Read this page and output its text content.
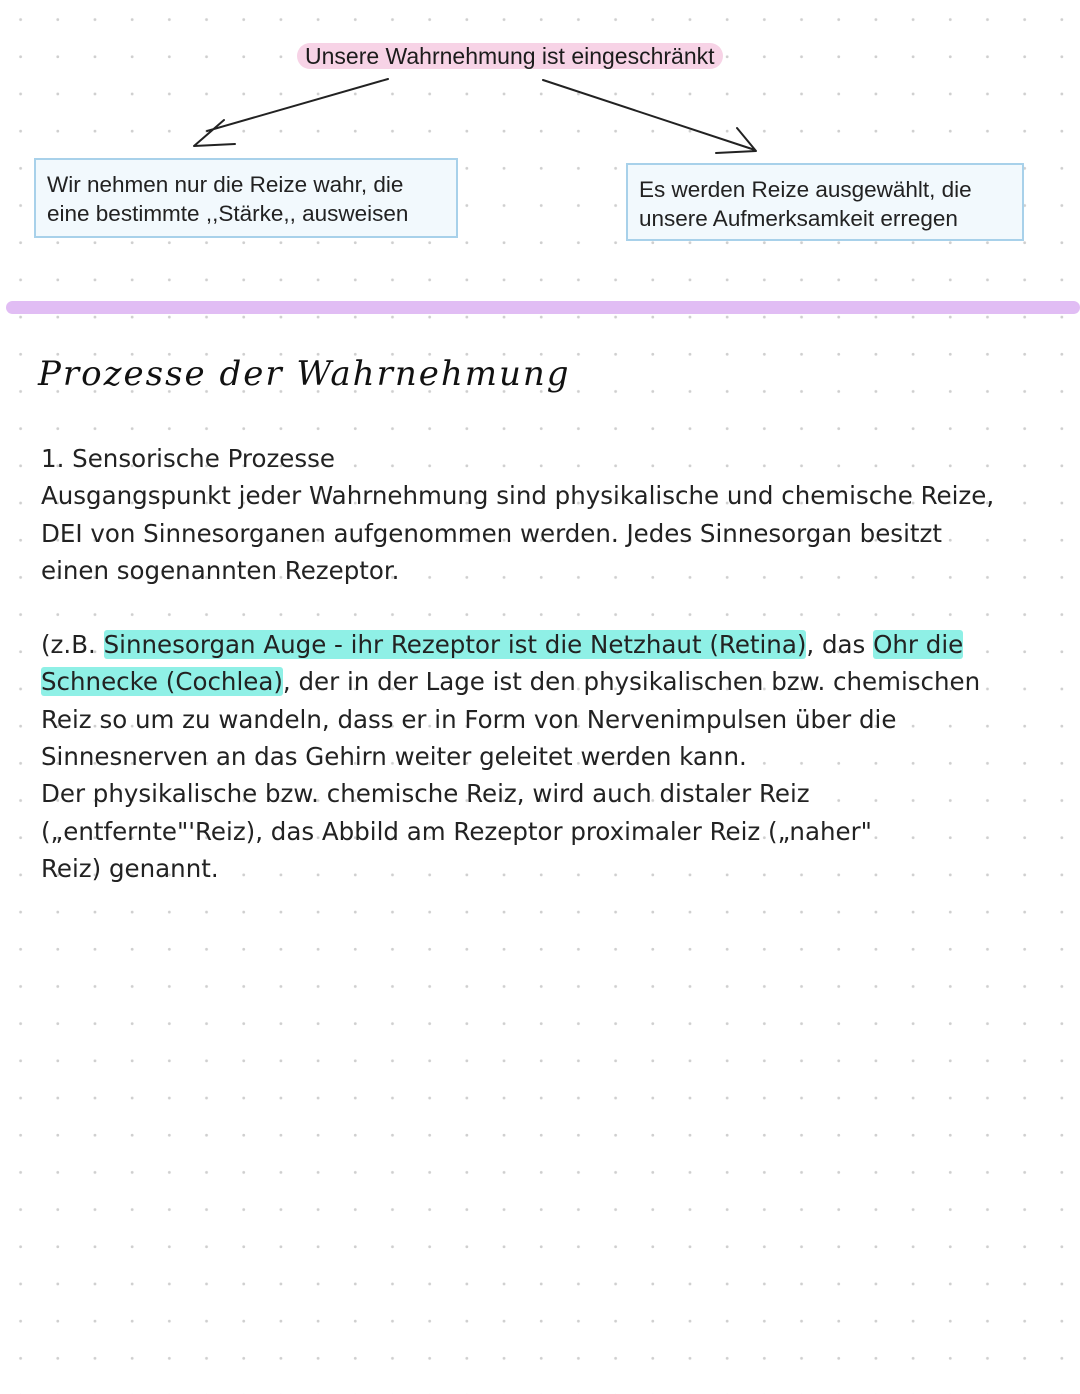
Unsere Wahrnehmung ist eingeschränkt
Wir nehmen nur die Reize wahr, die
eine bestimmte ,,Stärke,, ausweisen
Es werden Reize ausgewählt, die
unsere Aufmerksamkeit erregen
Prozesse der Wahrnehmung
1. Sensorische Prozesse
Ausgangspunkt jeder Wahrnehmung sind physikalische und chemische Reize,
DEI von Sinnesorganen aufgenommen werden. Jedes Sinnesorgan besitzt
einen sogenannten Rezeptor.
(z.B. Sinnesorgan Auge - ihr Rezeptor ist die Netzhaut (Retina), das Ohr die
Schnecke (Cochlea), der in der Lage ist den physikalischen bzw. chemischen
Reiz so um zu wandeln, dass er in Form von Nervenimpulsen über die
Sinnesnerven an das Gehirn weiter geleitet werden kann.
Der physikalische bzw. chemische Reiz, wird auch distaler Reiz
(„entfernte"'Reiz), das Abbild am Rezeptor proximaler Reiz („naher"
Reiz) genannt.
